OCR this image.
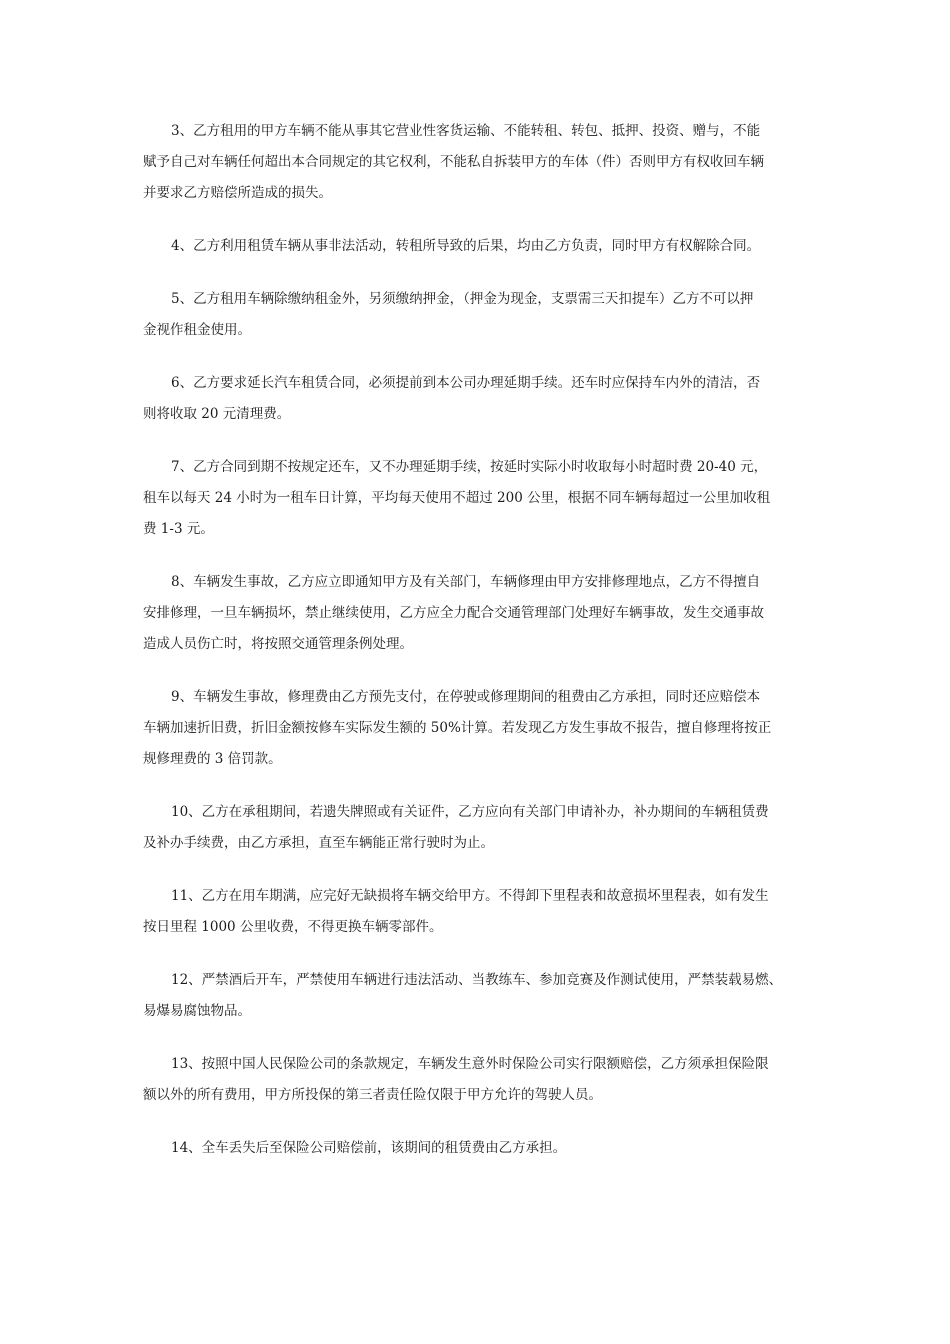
3、乙方租用的甲方车辆不能从事其它营业性客货运输、不能转租、转包、抵押、投资、赠与，不能
赋予自己对车辆任何超出本合同规定的其它权利，不能私自拆装甲方的车体（件）否则甲方有权收回车辆
并要求乙方赔偿所造成的损失。
4、乙方利用租赁车辆从事非法活动，转租所导致的后果，均由乙方负责，同时甲方有权解除合同。
5、乙方租用车辆除缴纳租金外，另须缴纳押金，（押金为现金，支票需三天扣提车）乙方不可以押
金视作租金使用。
6、乙方要求延长汽车租赁合同，必须提前到本公司办理延期手续。还车时应保持车内外的清洁，否
则将收取 20 元清理费。
7、乙方合同到期不按规定还车，又不办理延期手续，按延时实际小时收取每小时超时费 20-40 元，
租车以每天 24 小时为一租车日计算，平均每天使用不超过 200 公里，根据不同车辆每超过一公里加收租
费 1-3 元。
8、车辆发生事故，乙方应立即通知甲方及有关部门，车辆修理由甲方安排修理地点，乙方不得擅自
安排修理，一旦车辆损坏，禁止继续使用，乙方应全力配合交通管理部门处理好车辆事故，发生交通事故
造成人员伤亡时，将按照交通管理条例处理。
9、车辆发生事故，修理费由乙方预先支付，在停驶或修理期间的租费由乙方承担，同时还应赔偿本
车辆加速折旧费，折旧金额按修车实际发生额的 50%计算。若发现乙方发生事故不报告，擅自修理将按正
规修理费的 3 倍罚款。
10、乙方在承租期间，若遗失牌照或有关证件，乙方应向有关部门申请补办，补办期间的车辆租赁费
及补办手续费，由乙方承担，直至车辆能正常行驶时为止。
11、乙方在用车期满，应完好无缺损将车辆交给甲方。不得卸下里程表和故意损坏里程表，如有发生
按日里程 1000 公里收费，不得更换车辆零部件。
12、严禁酒后开车，严禁使用车辆进行违法活动、当教练车、参加竞赛及作测试使用，严禁装载易燃、
易爆易腐蚀物品。
13、按照中国人民保险公司的条款规定，车辆发生意外时保险公司实行限额赔偿，乙方须承担保险限
额以外的所有费用，甲方所投保的第三者责任险仅限于甲方允许的驾驶人员。
14、全车丢失后至保险公司赔偿前，该期间的租赁费由乙方承担。
